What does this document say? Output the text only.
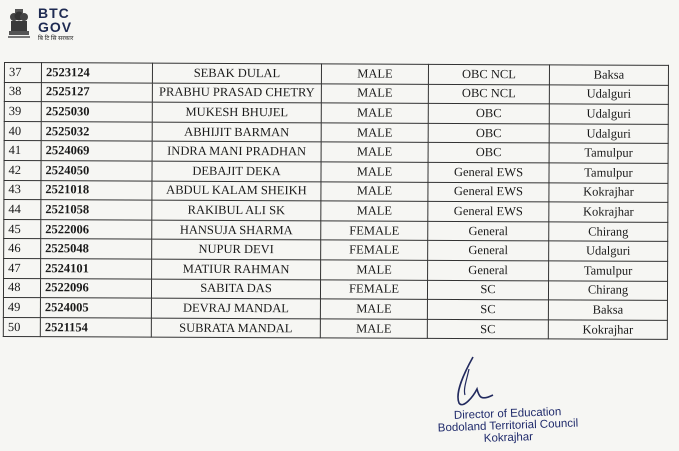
BTC
GOV
बि टि सि सरकार
37	2523124	SEBAK DULAL	MALE	OBC NCL	Baksa
38	2525127	PRABHU PRASAD CHETRY	MALE	OBC NCL	Udalguri
39	2525030	MUKESH BHUJEL	MALE	OBC	Udalguri
40	2525032	ABHIJIT BARMAN	MALE	OBC	Udalguri
41	2524069	INDRA MANI PRADHAN	MALE	OBC	Tamulpur
42	2524050	DEBAJIT DEKA	MALE	General EWS	Tamulpur
43	2521018	ABDUL KALAM SHEIKH	MALE	General EWS	Kokrajhar
44	2521058	RAKIBUL ALI SK	MALE	General EWS	Kokrajhar
45	2522006	HANSUJA SHARMA	FEMALE	General	Chirang
46	2525048	NUPUR DEVI	FEMALE	General	Udalguri
47	2524101	MATIUR RAHMAN	MALE	General	Tamulpur
48	2522096	SABITA DAS	FEMALE	SC	Chirang
49	2524005	DEVRAJ MANDAL	MALE	SC	Baksa
50	2521154	SUBRATA MANDAL	MALE	SC	Kokrajhar
Director of Education
Bodoland Territorial Council
Kokrajhar
